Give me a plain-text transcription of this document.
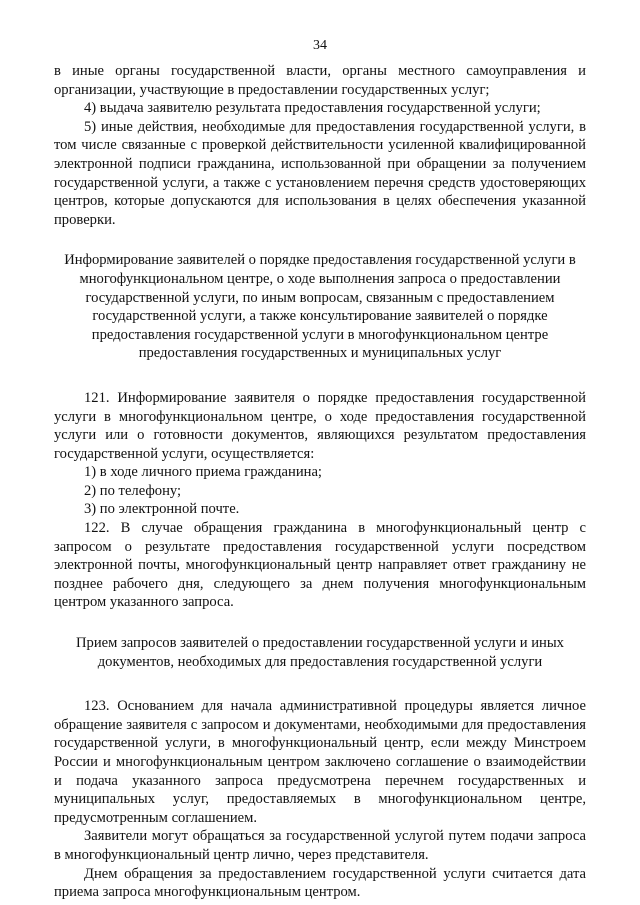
34

в иные органы государственной власти, органы местного самоуправления и организации, участвующие в предоставлении государственных услуг;

4) выдача заявителю результата предоставления государственной услуги;

5) иные действия, необходимые для предоставления государственной услуги, в том числе связанные с проверкой действительности усиленной квалифицированной электронной подписи гражданина, использованной при обращении за получением государственной услуги, а также с установлением перечня средств удостоверяющих центров, которые допускаются для использования в целях обеспечения указанной проверки.

Информирование заявителей о порядке предоставления государственной услуги в многофункциональном центре, о ходе выполнения запроса о предоставлении государственной услуги, по иным вопросам, связанным с предоставлением государственной услуги, а также консультирование заявителей о порядке предоставления государственной услуги в многофункциональном центре предоставления государственных и муниципальных услуг

121. Информирование заявителя о порядке предоставления государственной услуги в многофункциональном центре, о ходе предоставления государственной услуги или о готовности документов, являющихся результатом предоставления государственной услуги, осуществляется:

1) в ходе личного приема гражданина;

2) по телефону;

3) по электронной почте.

122. В случае обращения гражданина в многофункциональный центр с запросом о результате предоставления государственной услуги посредством электронной почты, многофункциональный центр направляет ответ гражданину не позднее рабочего дня, следующего за днем получения многофункциональным центром указанного запроса.

Прием запросов заявителей о предоставлении государственной услуги и иных документов, необходимых для предоставления государственной услуги

123. Основанием для начала административной процедуры является личное обращение заявителя с запросом и документами, необходимыми для предоставления государственной услуги, в многофункциональный центр, если между Минстроем России и многофункциональным центром заключено соглашение о взаимодействии и подача указанного запроса предусмотрена перечнем государственных и муниципальных услуг, предоставляемых в многофункциональном центре, предусмотренным соглашением.

Заявители могут обращаться за государственной услугой путем подачи запроса в многофункциональный центр лично, через представителя.

Днем обращения за предоставлением государственной услуги считается дата приема запроса многофункциональным центром.
